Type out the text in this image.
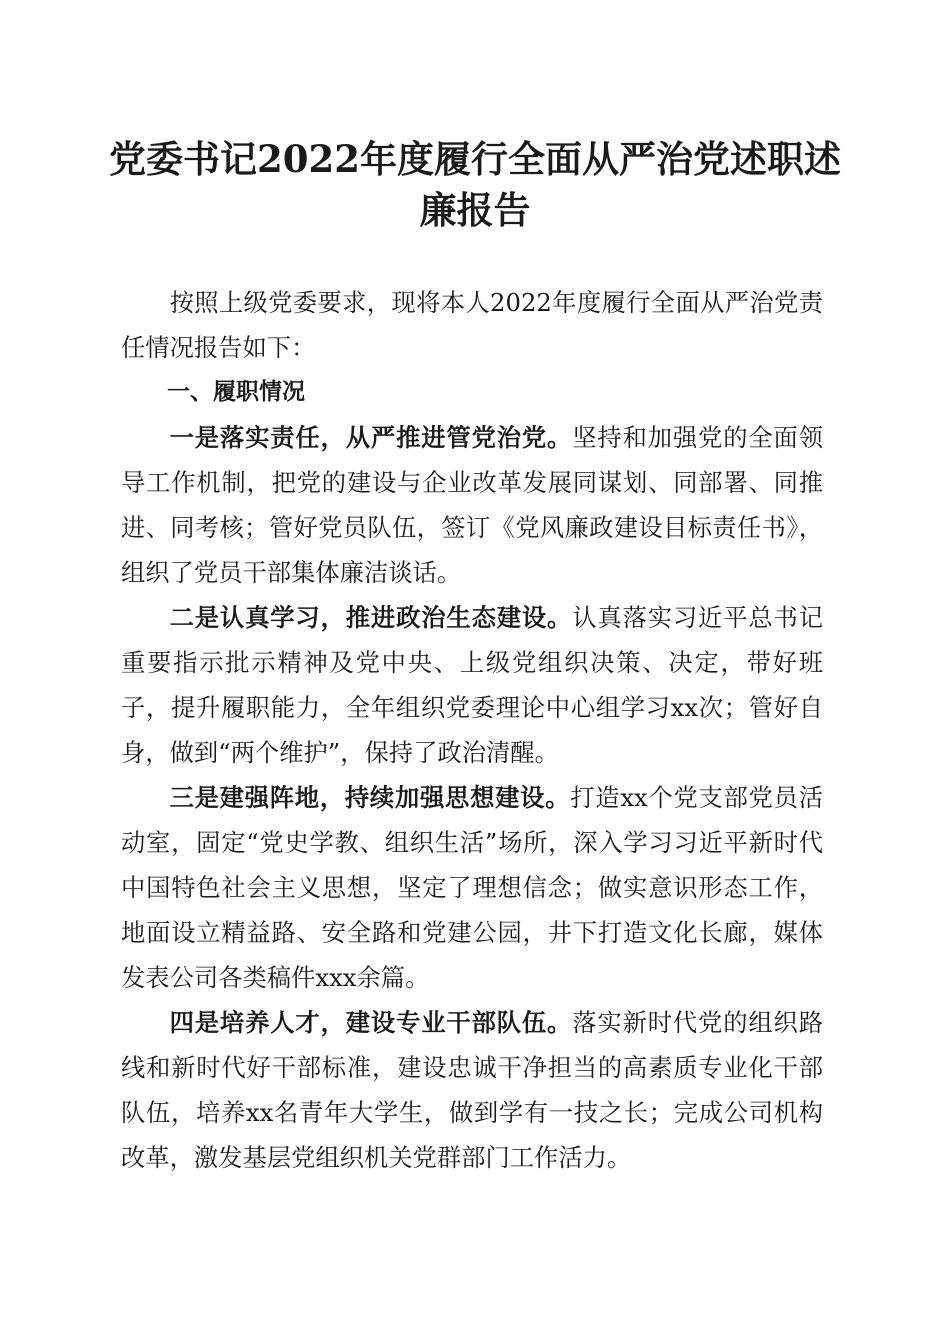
党委书记2022年度履行全面从严治党述职述
廉报告

按照上级党委要求，现将本人2022年度履行全面从严治党责任情况报告如下：

一、履职情况

一是落实责任，从严推进管党治党。坚持和加强党的全面领导工作机制，把党的建设与企业改革发展同谋划、同部署、同推进、同考核；管好党员队伍，签订《党风廉政建设目标责任书》，组织了党员干部集体廉洁谈话。

二是认真学习，推进政治生态建设。认真落实习近平总书记重要指示批示精神及党中央、上级党组织决策、决定，带好班子，提升履职能力，全年组织党委理论中心组学习xx次；管好自身，做到“两个维护”，保持了政治清醒。

三是建强阵地，持续加强思想建设。打造xx个党支部党员活动室，固定“党史学教、组织生活”场所，深入学习习近平新时代中国特色社会主义思想，坚定了理想信念；做实意识形态工作，地面设立精益路、安全路和党建公园，井下打造文化长廊，媒体发表公司各类稿件xxx余篇。

四是培养人才，建设专业干部队伍。落实新时代党的组织路线和新时代好干部标准，建设忠诚干净担当的高素质专业化干部队伍，培养xx名青年大学生，做到学有一技之长；完成公司机构改革，激发基层党组织机关党群部门工作活力。
